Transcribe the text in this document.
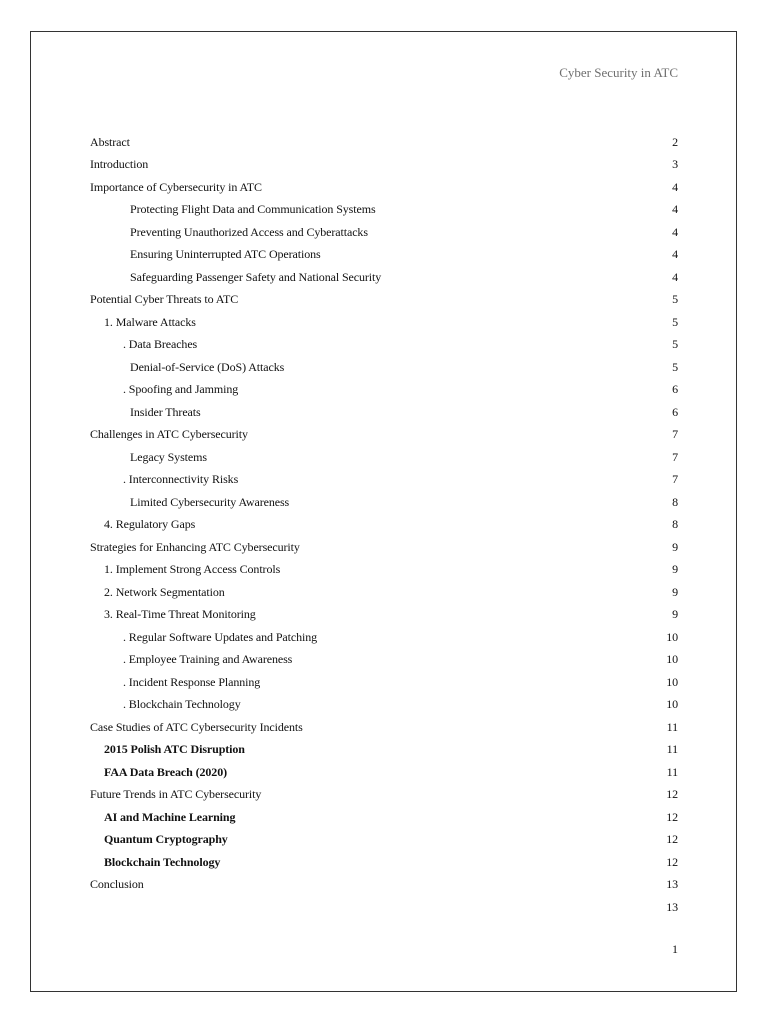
Cyber Security in ATC
Abstract	2
Introduction	3
Importance of Cybersecurity in ATC	4
Protecting Flight Data and Communication Systems	4
Preventing Unauthorized Access and Cyberattacks	4
Ensuring Uninterrupted ATC Operations	4
Safeguarding Passenger Safety and National Security	4
Potential Cyber Threats to ATC	5
1. Malware Attacks	5
. Data Breaches	5
Denial-of-Service (DoS) Attacks	5
. Spoofing and Jamming	6
Insider Threats	6
Challenges in ATC Cybersecurity	7
Legacy Systems	7
. Interconnectivity Risks	7
Limited Cybersecurity Awareness	8
4. Regulatory Gaps	8
Strategies for Enhancing ATC Cybersecurity	9
1. Implement Strong Access Controls	9
2. Network Segmentation	9
3. Real-Time Threat Monitoring	9
. Regular Software Updates and Patching	10
. Employee Training and Awareness	10
. Incident Response Planning	10
. Blockchain Technology	10
Case Studies of ATC Cybersecurity Incidents	11
2015 Polish ATC Disruption	11
FAA Data Breach (2020)	11
Future Trends in ATC Cybersecurity	12
AI and Machine Learning	12
Quantum Cryptography	12
Blockchain Technology	12
Conclusion	13
13
1
